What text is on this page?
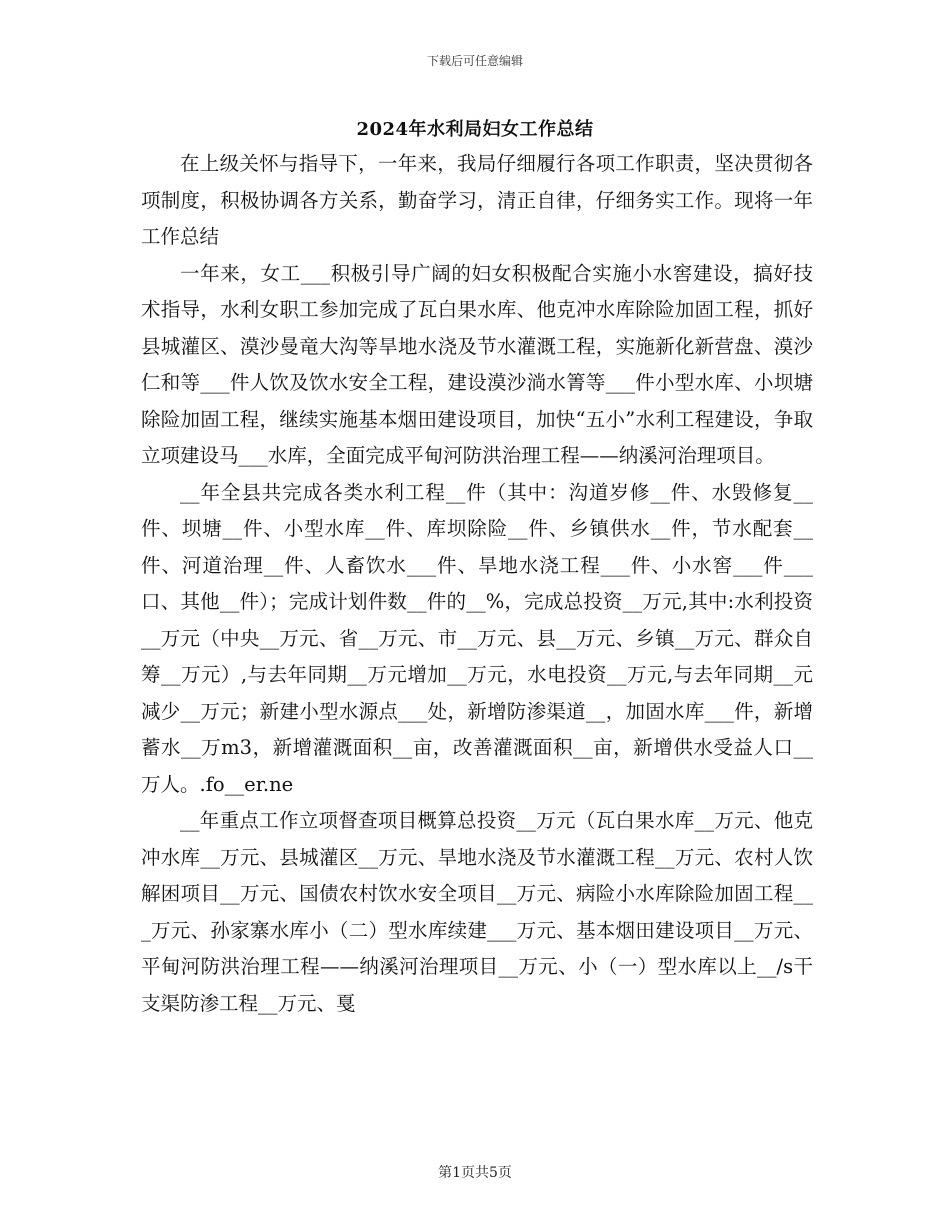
下载后可任意编辑
2024年水利局妇女工作总结

在上级关怀与指导下，一年来，我局仔细履行各项工作职责，坚决贯彻各项制度，积极协调各方关系，勤奋学习，清正自律，仔细务实工作。现将一年工作总结

一年来，女工___积极引导广阔的妇女积极配合实施小水窖建设，搞好技术指导，水利女职工参加完成了瓦白果水库、他克冲水库除险加固工程，抓好县城灌区、漠沙曼竜大沟等旱地水浇及节水灌溉工程，实施新化新营盘、漠沙仁和等___件人饮及饮水安全工程，建设漠沙淌水箐等___件小型水库、小坝塘除险加固工程，继续实施基本烟田建设项目，加快“五小”水利工程建设，争取立项建设马___水库，全面完成平甸河防洪治理工程——纳溪河治理项目。

__年全县共完成各类水利工程__件（其中：沟道岁修__件、水毁修复__件、坝塘__件、小型水库__件、库坝除险__件、乡镇供水__件，节水配套__件、河道治理__件、人畜饮水___件、旱地水浇工程___件、小水窖___件___口、其他__件）；完成计划件数__件的__%，完成总投资__万元,其中:水利投资__万元（中央__万元、省__万元、市__万元、县__万元、乡镇__万元、群众自筹__万元）,与去年同期__万元增加__万元，水电投资__万元,与去年同期__元减少__万元；新建小型水源点___处，新增防渗渠道__，加固水库___件，新增蓄水__万m3，新增灌溉面积__亩，改善灌溉面积__亩，新增供水受益人口__万人。.fo__er.ne

__年重点工作立项督查项目概算总投资__万元（瓦白果水库__万元、他克冲水库__万元、县城灌区__万元、旱地水浇及节水灌溉工程__万元、农村人饮解困项目__万元、国债农村饮水安全项目__万元、病险小水库除险加固工程___万元、孙家寨水库小（二）型水库续建___万元、基本烟田建设项目__万元、平甸河防洪治理工程——纳溪河治理项目__万元、小（一）型水库以上__/s干支渠防渗工程__万元、戛

第1页共5页
